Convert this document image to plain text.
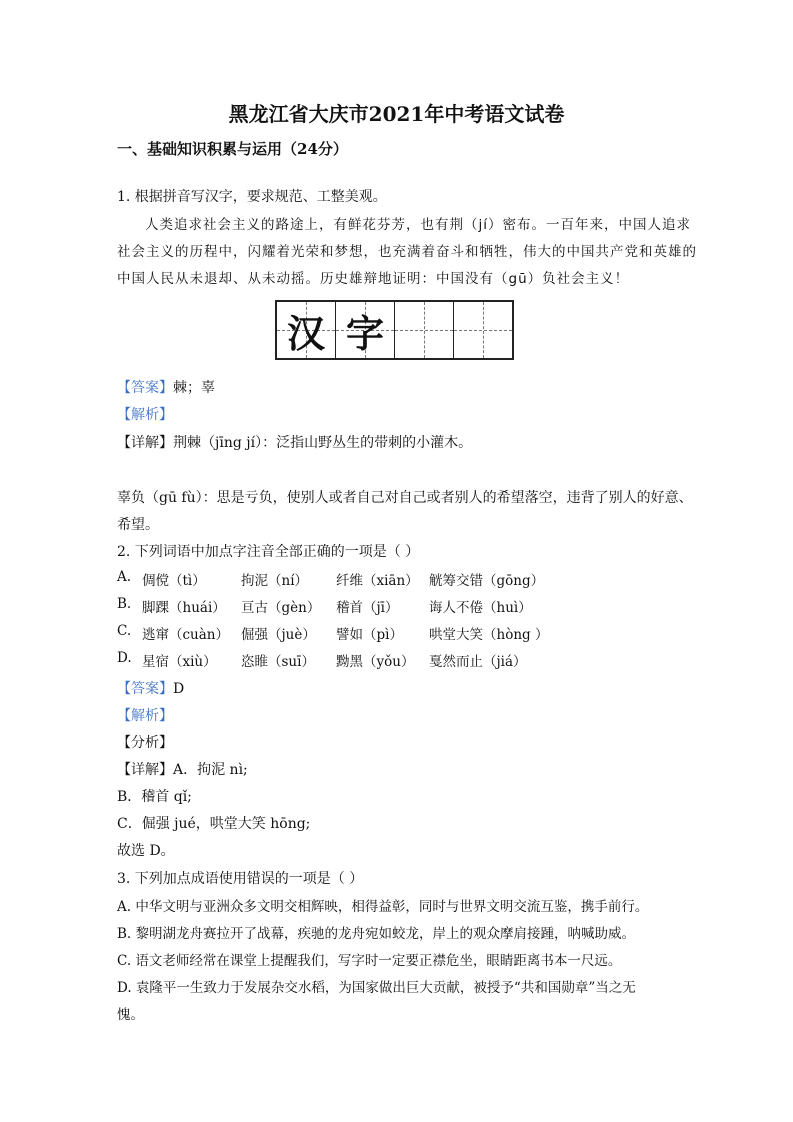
黑龙江省大庆市2021年中考语文试卷
一、基础知识积累与运用（24分）
1. 根据拼音写汉字，要求规范、工整美观。
人类追求社会主义的路途上，有鲜花芬芳，也有荆（jí）密布。一百年来，中国人追求
社会主义的历程中，闪耀着光荣和梦想，也充满着奋斗和牺牲，伟大的中国共产党和英雄的
中国人民从未退却、从未动摇。历史雄辩地证明：中国没有（gū）负社会主义！
汉 字
【答案】棘；辜
【解析】
【详解】荆棘（jīng jí）：泛指山野丛生的带刺的小灌木。
辜负（gū fù）：思是亏负，使别人或者自己对自己或者别人的希望落空，违背了别人的好意、
希望。
2. 下列词语中加点字注音全部正确的一项是（ ）
A. 倜傥（tì）	拘泥（ní） 纤维（xiān） 觥筹交错（gōng）
B. 脚踝（huái） 亘古（gèn） 稽首（jī） 诲人不倦（huì）
C. 逃窜（cuàn） 倔强（juè） 譬如（pì） 哄堂大笑（hòng ）
D. 星宿（xiù） 恣睢（suī） 黝黑（yǒu） 戛然而止（jiá）
【答案】D
【解析】
【分析】
【详解】A．拘泥 nì;
B．稽首 qǐ;
C．倔强 jué，哄堂大笑 hōng;
故选 D。
3. 下列加点成语使用错误的一项是（ ）
A. 中华文明与亚洲众多文明交相辉映，相得益彰，同时与世界文明交流互鉴，携手前行。
B. 黎明湖龙舟赛拉开了战幕，疾驰的龙舟宛如蛟龙，岸上的观众摩肩接踵，呐喊助威。
C. 语文老师经常在课堂上提醒我们，写字时一定要正襟危坐，眼睛距离书本一尺远。
D. 袁隆平一生致力于发展杂交水稻，为国家做出巨大贡献，被授予“共和国勋章”当之无
愧。
